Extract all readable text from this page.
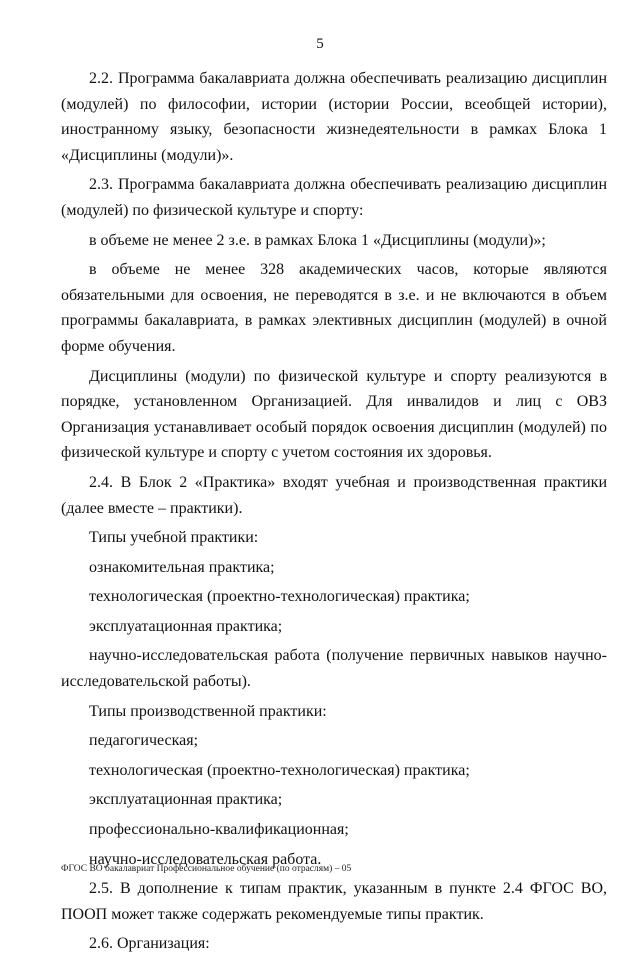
5

2.2. Программа бакалавриата должна обеспечивать реализацию дисциплин (модулей) по философии, истории (истории России, всеобщей истории), иностранному языку, безопасности жизнедеятельности в рамках Блока 1 «Дисциплины (модули)».

2.3. Программа бакалавриата должна обеспечивать реализацию дисциплин (модулей) по физической культуре и спорту:

в объеме не менее 2 з.е. в рамках Блока 1 «Дисциплины (модули)»;

в объеме не менее 328 академических часов, которые являются обязательными для освоения, не переводятся в з.е. и не включаются в объем программы бакалавриата, в рамках элективных дисциплин (модулей) в очной форме обучения.

Дисциплины (модули) по физической культуре и спорту реализуются в порядке, установленном Организацией. Для инвалидов и лиц с ОВЗ Организация устанавливает особый порядок освоения дисциплин (модулей) по физической культуре и спорту с учетом состояния их здоровья.

2.4. В Блок 2 «Практика» входят учебная и производственная практики (далее вместе – практики).

Типы учебной практики:

ознакомительная практика;

технологическая (проектно-технологическая) практика;

эксплуатационная практика;

научно-исследовательская работа (получение первичных навыков научно-исследовательской работы).

Типы производственной практики:

педагогическая;

технологическая (проектно-технологическая) практика;

эксплуатационная практика;

профессионально-квалификационная;

научно-исследовательская работа.

2.5. В дополнение к типам практик, указанным в пункте 2.4 ФГОС ВО, ПООП может также содержать рекомендуемые типы практик.

2.6. Организация:

ФГОС ВО бакалавриат Профессиональное обучение (по отраслям) – 05
